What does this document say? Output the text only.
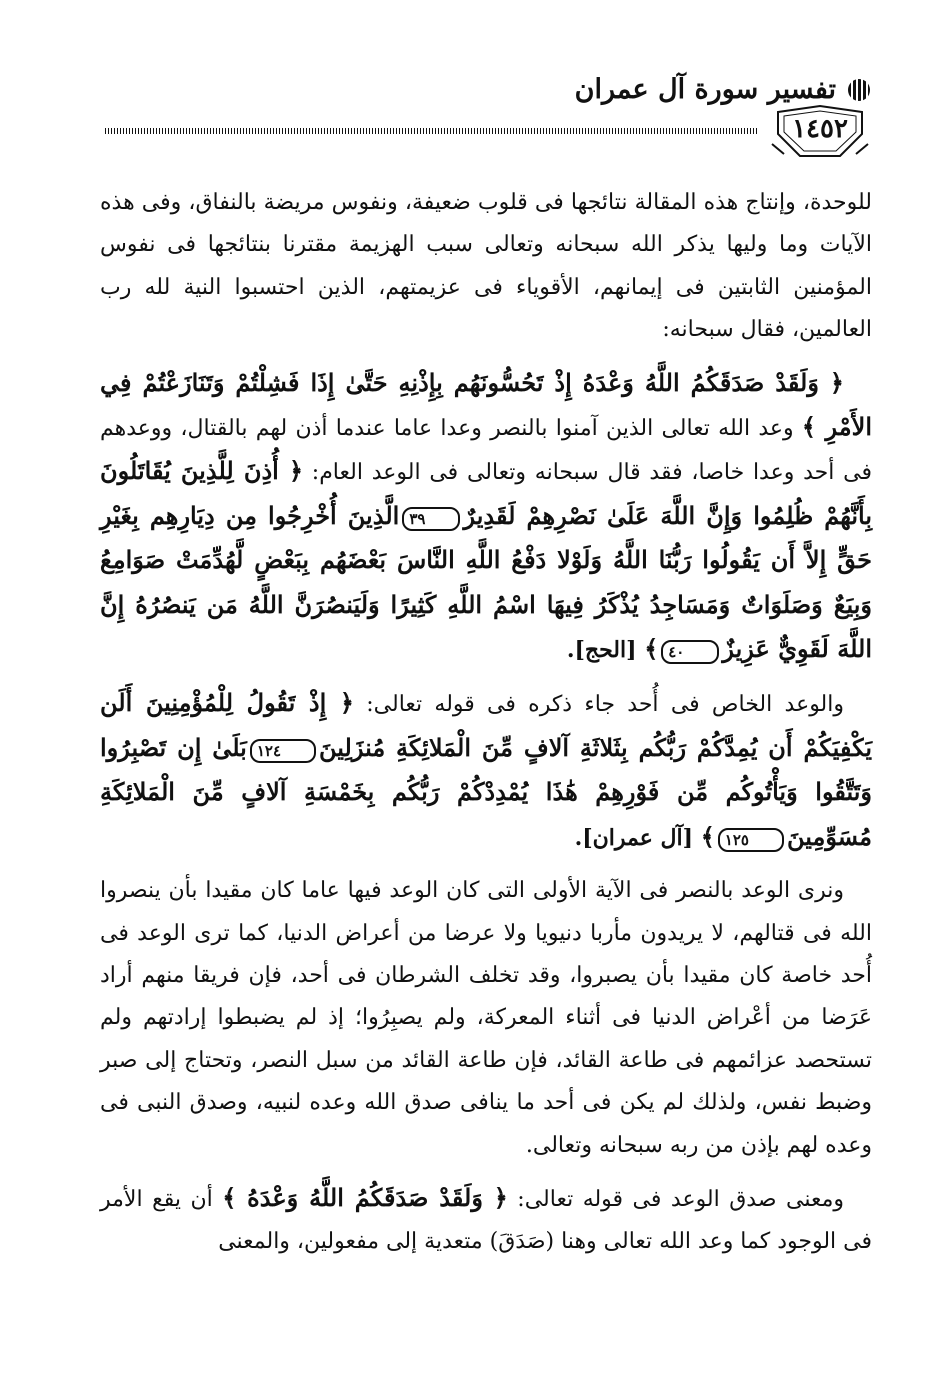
تفسير سورة آل عمران
١٤٥٢

للوحدة، وإنتاج هذه المقالة نتائجها فى قلوب ضعيفة، ونفوس مريضة بالنفاق، وفى هذه الآيات وما وليها يذكر الله سبحانه وتعالى سبب الهزيمة مقترنا بنتائجها فى نفوس المؤمنين الثابتين فى إيمانهم، الأقوياء فى عزيمتهم، الذين احتسبوا النية لله رب العالمين، فقال سبحانه:

﴿ وَلَقَدْ صَدَقَكُمُ اللَّهُ وَعْدَهُ إِذْ تَحُسُّونَهُم بِإِذْنِهِ حَتَّىٰ إِذَا فَشِلْتُمْ وَتَنَازَعْتُمْ فِي الأَمْرِ ﴾ وعد الله تعالى الذين آمنوا بالنصر وعدا عاما عندما أذن لهم بالقتال، ووعدهم فى أحد وعدا خاصا، فقد قال سبحانه وتعالى فى الوعد العام: ﴿ أُذِنَ لِلَّذِينَ يُقَاتَلُونَ بِأَنَّهُمْ ظُلِمُوا وَإِنَّ اللَّهَ عَلَىٰ نَصْرِهِمْ لَقَدِيرٌ٣٩الَّذِينَ أُخْرِجُوا مِن دِيَارِهِم بِغَيْرِ حَقٍّ إِلاَّ أَن يَقُولُوا رَبُّنَا اللَّهُ وَلَوْلا دَفْعُ اللَّهِ النَّاسَ بَعْضَهُم بِبَعْضٍ لَّهُدِّمَتْ صَوَامِعُ وَبِيَعٌ وَصَلَوَاتٌ وَمَسَاجِدُ يُذْكَرُ فِيهَا اسْمُ اللَّهِ كَثِيرًا وَلَيَنصُرَنَّ اللَّهُ مَن يَنصُرُهُ إِنَّ اللَّهَ لَقَوِيٌّ عَزِيزٌ٤٠﴾ [الحج].

والوعد الخاص فى أُحد جاء ذكره فى قوله تعالى: ﴿ إِذْ تَقُولُ لِلْمُؤْمِنِينَ أَلَن يَكْفِيَكُمْ أَن يُمِدَّكُمْ رَبُّكُم بِثَلاثَةِ آلافٍ مِّنَ الْمَلائِكَةِ مُنزَلِينَ١٢٤بَلَىٰ إِن تَصْبِرُوا وَتَتَّقُوا وَيَأْتُوكُم مِّن فَوْرِهِمْ هَٰذَا يُمْدِدْكُمْ رَبُّكُم بِخَمْسَةِ آلافٍ مِّنَ الْمَلائِكَةِ مُسَوِّمِينَ١٢٥﴾ [آل عمران].

ونرى الوعد بالنصر فى الآية الأولى التى كان الوعد فيها عاما كان مقيدا بأن ينصروا الله فى قتالهم، لا يريدون مأربا دنيويا ولا عرضا من أعراض الدنيا، كما ترى الوعد فى أُحد خاصة كان مقيدا بأن يصبروا، وقد تخلف الشرطان فى أحد، فإن فريقا منهم أراد عَرَضا من أعْراض الدنيا فى أثناء المعركة، ولم يصبِرُوا؛ إذ لم يضبطوا إرادتهم ولم تستحصد عزائمهم فى طاعة القائد، فإن طاعة القائد من سبل النصر، وتحتاج إلى صبر وضبط نفس، ولذلك لم يكن فى أحد ما ينافى صدق الله وعده لنبيه، وصدق النبى فى وعده لهم بإذن من ربه سبحانه وتعالى.

ومعنى صدق الوعد فى قوله تعالى: ﴿ وَلَقَدْ صَدَقَكُمُ اللَّهُ وَعْدَهُ ﴾ أن يقع الأمر فى الوجود كما وعد الله تعالى وهنا (صَدَقَ) متعدية إلى مفعولين، والمعنى
